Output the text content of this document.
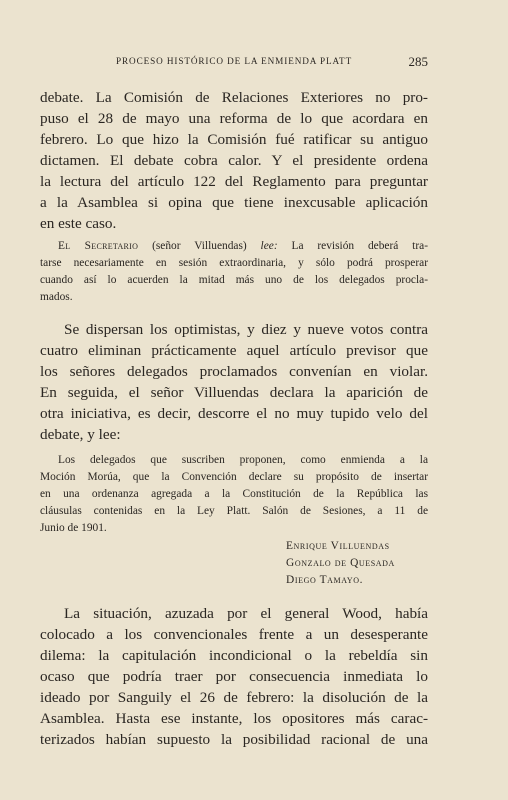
PROCESO HISTÓRICO DE LA ENMIENDA PLATT	285
debate. La Comisión de Relaciones Exteriores no pro-
puso el 28 de mayo una reforma de lo que acordara en
febrero. Lo que hizo la Comisión fué ratificar su antiguo
dictamen. El debate cobra calor. Y el presidente ordena
la lectura del artículo 122 del Reglamento para preguntar
a la Asamblea si opina que tiene inexcusable aplicación
en este caso.
El Secretario (señor Villuendas) lee: La revisión deberá tra-
tarse necesariamente en sesión extraordinaria, y sólo podrá prosperar
cuando así lo acuerden la mitad más uno de los delegados procla-
mados.
Se dispersan los optimistas, y diez y nueve votos contra
cuatro eliminan prácticamente aquel artículo previsor que
los señores delegados proclamados convenían en violar.
En seguida, el señor Villuendas declara la aparición de
otra iniciativa, es decir, descorre el no muy tupido velo del
debate, y lee:
Los delegados que suscriben proponen, como enmienda a la
Moción Morúa, que la Convención declare su propósito de insertar
en una ordenanza agregada a la Constitución de la República las
cláusulas contenidas en la Ley Platt. Salón de Sesiones, a 11 de
Junio de 1901.
Enrique Villuendas
Gonzalo de Quesada
Diego Tamayo.
La situación, azuzada por el general Wood, había
colocado a los convencionales frente a un desesperante
dilema: la capitulación incondicional o la rebeldía sin
ocaso que podría traer por consecuencia inmediata lo
ideado por Sanguily el 26 de febrero: la disolución de la
Asamblea. Hasta ese instante, los opositores más carac-
terizados habían supuesto la posibilidad racional de una
